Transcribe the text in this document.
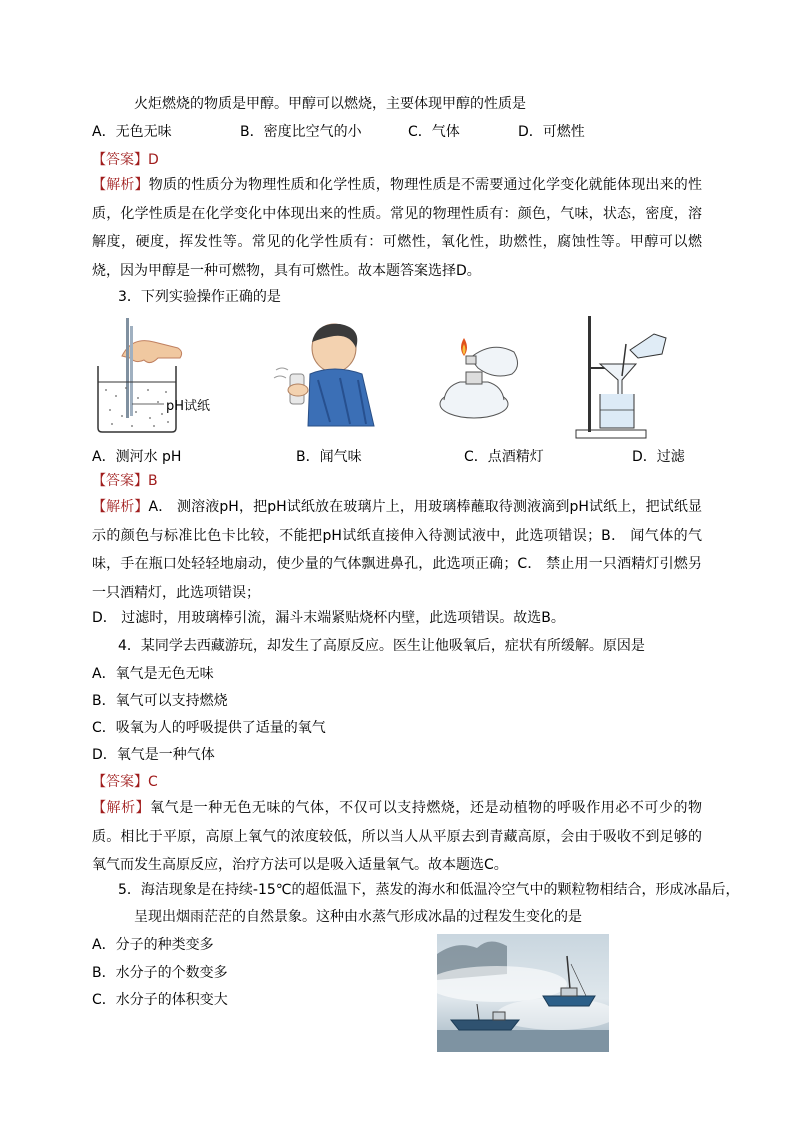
火炬燃烧的物质是甲醇。甲醇可以燃烧，主要体现甲醇的性质是
A．无色无味	B．密度比空气的小	C．气体	D．可燃性
【答案】D
【解析】物质的性质分为物理性质和化学性质，物理性质是不需要通过化学变化就能体现出来的性质，化学性质是在化学变化中体现出来的性质。常见的物理性质有：颜色，气味，状态，密度，溶解度，硬度，挥发性等。常见的化学性质有：可燃性，氧化性，助燃性，腐蚀性等。甲醇可以燃烧，因为甲醇是一种可燃物，具有可燃性。故本题答案选择D。
3．下列实验操作正确的是
pH试纸
A．测河水 pH	B．闻气味	C．点酒精灯	D．过滤
【答案】B
【解析】A． 测溶液pH，把pH试纸放在玻璃片上，用玻璃棒蘸取待测液滴到pH试纸上，把试纸显示的颜色与标准比色卡比较，不能把pH试纸直接伸入待测试液中，此选项错误；B． 闻气体的气味，手在瓶口处轻轻地扇动，使少量的气体飘进鼻孔，此选项正确；C． 禁止用一只酒精灯引燃另一只酒精灯，此选项错误；
D． 过滤时，用玻璃棒引流，漏斗末端紧贴烧杯内壁，此选项错误。故选B。
4．某同学去西藏游玩，却发生了高原反应。医生让他吸氧后，症状有所缓解。原因是
A．氧气是无色无味
B．氧气可以支持燃烧
C．吸氧为人的呼吸提供了适量的氧气
D．氧气是一种气体
【答案】C
【解析】氧气是一种无色无味的气体，不仅可以支持燃烧，还是动植物的呼吸作用必不可少的物质。相比于平原，高原上氧气的浓度较低，所以当人从平原去到青藏高原，会由于吸收不到足够的氧气而发生高原反应，治疗方法可以是吸入适量氧气。故本题选C。
5．海洁现象是在持续-15℃的超低温下，蒸发的海水和低温冷空气中的颗粒物相结合，形成冰晶后，
呈现出烟雨茫茫的自然景象。这种由水蒸气形成冰晶的过程发生变化的是
A．分子的种类变多
B．水分子的个数变多
C．水分子的体积变大
